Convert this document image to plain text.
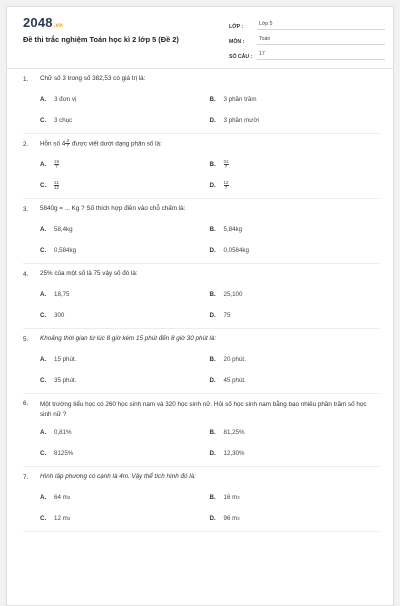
2048.vn
Đề thi trắc nghiệm Toán học kì 2 lớp 5 (Đề 2)
LỚP :	Lớp 5
MÔN :	Toán
SỐ CÂU :	17
1.	Chữ số 3 trong số 382,53 có giá trị là:
A.	3 đơn vị	B.	3 phần trăm
C.	3 chục	D.	3 phần mười
2.	Hỗn số $4 \frac{3}{7}$ được viết dưới dạng phân số là:
A.	$\frac{19}{7}$	B.	$\frac{31}{7}$
C.	$\frac{21}{12}$	D.	$\frac{12}{7}$
3.	5840g = ... Kg ? Số thích hợp điền vào chỗ chấm là:
A.	58,4kg	B.	5,84kg
C.	0,584kg	D.	0,0584kg
4.	25% của một số là 75 vậy số đó là:
A.	18,75	B.	25,100
C.	300	D.	75
5.	Khoảng thời gian từ lúc 8 giờ kém 15 phút đến 8 giờ 30 phút là:
A.	15 phút.	B.	20 phút.
C.	35 phút.	D.	45 phút.
6.	Một trường tiểu học có 260 học sinh nam và 320 học sinh nữ. Hỏi số học sinh nam bằng bao nhiêu phần trăm số học sinh nữ ?
A.	0,81%	B.	81,25%
C.	8125%	D.	12,30%
7.	Hình lập phương có cạnh là 4m. Vậy thể tích hình đó là:
A.	64 m 3	B.	16 m 3
C.	12 m 3	D.	96 m 3
